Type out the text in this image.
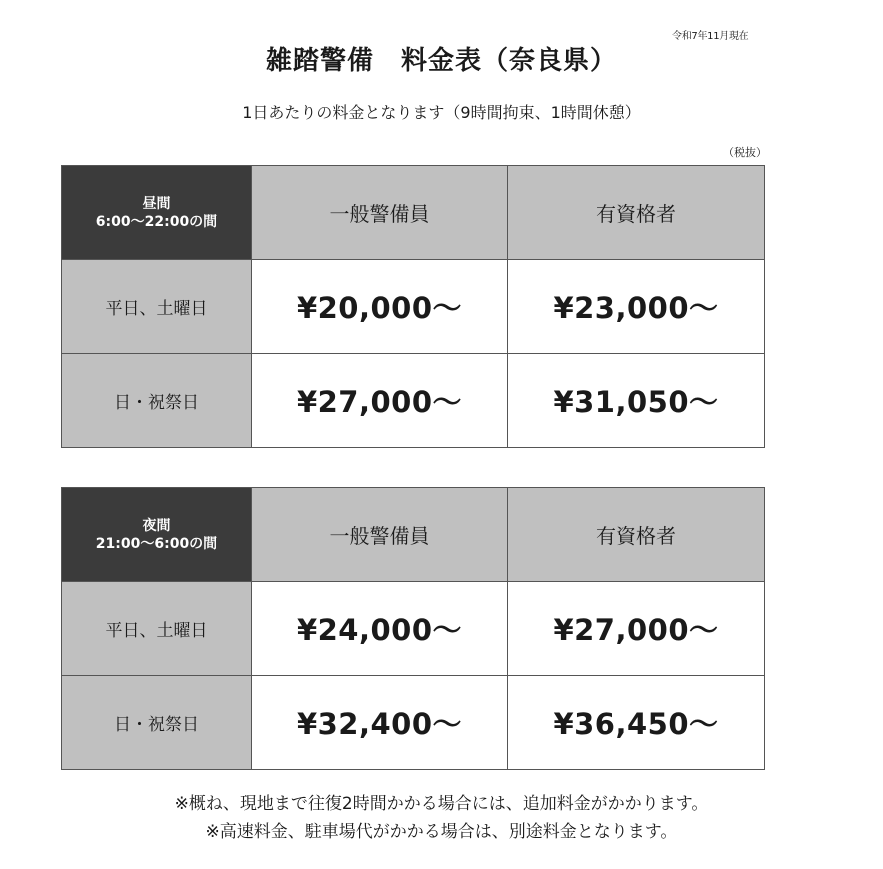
令和7年11月現在
雑踏警備　料金表（奈良県）
1日あたりの料金となります（9時間拘束、1時間休憩）
（税抜）
昼間
6:00～22:00の間	一般警備員	有資格者
平日、土曜日	¥20,000～	¥23,000～
日・祝祭日	¥27,000～	¥31,050～
夜間
21:00～6:00の間	一般警備員	有資格者
平日、土曜日	¥24,000～	¥27,000～
日・祝祭日	¥32,400～	¥36,450～
※概ね、現地まで往復2時間かかる場合には、追加料金がかかります。
※高速料金、駐車場代がかかる場合は、別途料金となります。
